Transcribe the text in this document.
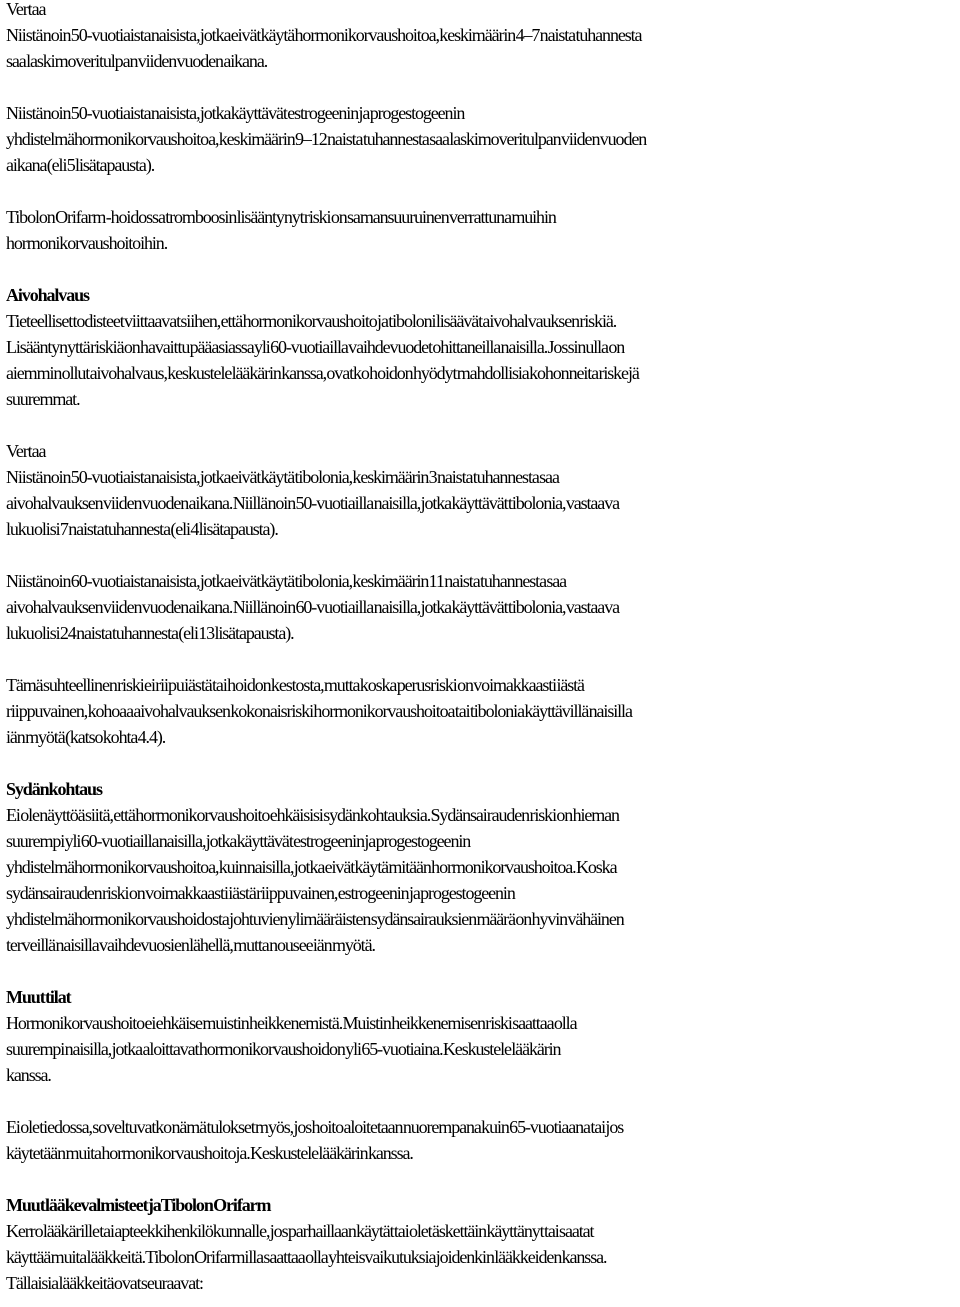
Vertaa
Niistä noin 50-vuotiaista naisista, jotka eivät käytä hormonikorvaushoitoa, keskimäärin 4–7 naista tuhannesta
saa laskimoveritulpan viiden vuoden aikana.
Niistä noin 50-vuotiaista naisista, jotka käyttävät estrogeenin ja progestogeenin
yhdistelmähormonikorvaushoitoa, keskimäärin 9–12 naista tuhannesta saa laskimoveritulpan viiden vuoden
aikana (eli 5 lisätapausta).
Tibolon Orifarm -hoidossa tromboosin lisääntynyt riski on samansuuruinen verrattuna muihin
hormonikorvaushoitoihin.
Aivohalvaus
Tieteelliset todisteet viittaavat siihen, että hormonikorvaushoito ja tiboloni lisäävät aivohalvauksen riskiä.
Lisääntynyttä riskiä on havaittu pääasiassa yli 60-vuotiailla vaihdevuodet ohittaneilla naisilla. Jos sinulla on
aiemmin ollut aivohalvaus, keskustele lääkärin kanssa, ovatko hoidon hyödyt mahdollisia kohonneita riskejä
suuremmat.
Vertaa
Niistä noin 50-vuotiaista naisista, jotka eivät käytä tibolonia, keskimäärin 3 naista tuhannesta saa
aivohalvauksen viiden vuoden aikana. Niillä noin 50-vuotiailla naisilla, jotka käyttävät tibolonia, vastaava
luku olisi 7 naista tuhannesta (eli 4 lisätapausta).
Niistä noin 60-vuotiaista naisista, jotka eivät käytä tibolonia, keskimäärin 11 naista tuhannesta saa
aivohalvauksen viiden vuoden aikana. Niillä noin 60-vuotiailla naisilla, jotka käyttävät tibolonia, vastaava
luku olisi 24 naista tuhannesta (eli 13 lisätapausta).
Tämä suhteellinen riski ei riipu iästä tai hoidon kestosta, mutta koska perusriski on voimakkaasti iästä
riippuvainen, kohoaa aivohalvauksen kokonaisriski hormonikorvaushoitoa tai tibolonia käyttävillä naisilla
iän myötä (katso kohta 4.4).
Sydänkohtaus
Ei ole näyttöä siitä, että hormonikorvaushoito ehkäisisi sydänkohtauksia. Sydänsairauden riski on hieman
suurempi yli 60-vuotiailla naisilla, jotka käyttävät estrogeenin ja progestogeenin
yhdistelmähormonikorvaushoitoa, kuin naisilla, jotka eivät käytä mitään hormonikorvaushoitoa. Koska
sydänsairauden riski on voimakkaasti iästä riippuvainen, estrogeenin ja progestogeenin
yhdistelmähormonikorvaushoidosta johtuvien ylimääräisten sydänsairauksien määrä on hyvin vähäinen
terveillä naisilla vaihdevuosien lähellä, mutta nousee iän myötä.
Muut tilat
Hormonikorvaushoito ei ehkäise muistin heikkenemistä. Muistin heikkenemisen riski saattaa olla
suurempi naisilla, jotka aloittavat hormonikorvaushoidon yli 65-vuotiaina. Keskustele lääkärin
kanssa.
Ei ole tiedossa, soveltuvatko nämä tulokset myös, jos hoito aloitetaan nuorempana kuin 65-vuotiaana tai jos
käytetään muita hormonikorvaushoitoja. Keskustele lääkärin kanssa.
Muut lääkevalmisteet ja Tibolon Orifarm
Kerro lääkärille tai apteekkihenkilökunnalle, jos parhaillaan käytät tai olet äskettäin käyttänyt tai saatat
käyttää muita lääkkeitä. Tibolon Orifarmilla saattaa olla yhteisvaikutuksia joidenkin lääkkeiden kanssa.
Tällaisia lääkkeitä ovat seuraavat:
